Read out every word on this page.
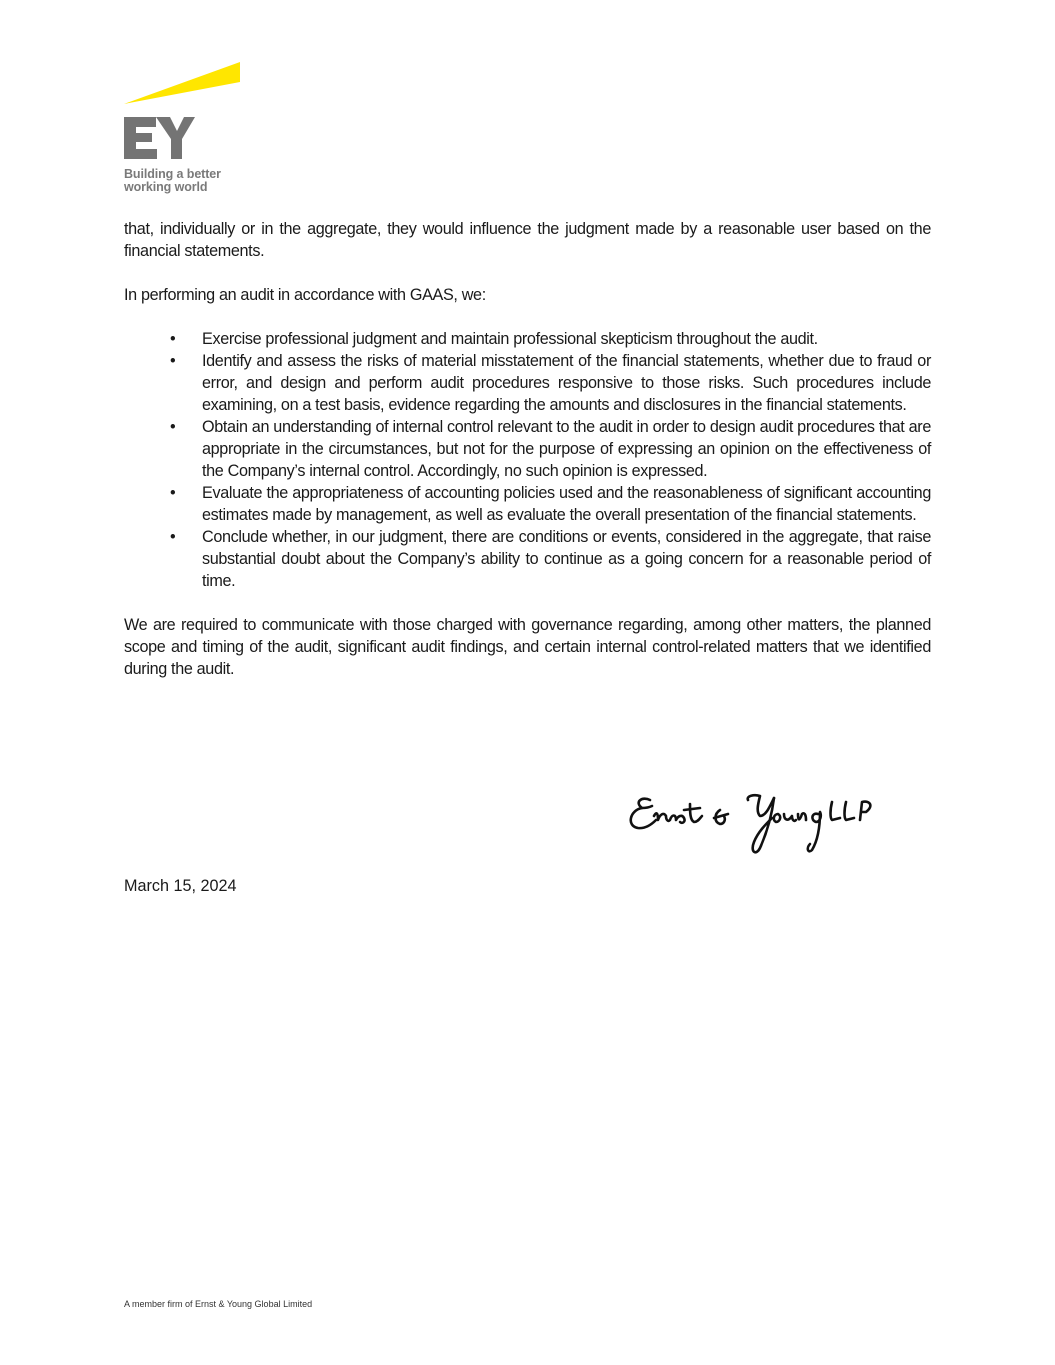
Building a better
working world

that, individually or in the aggregate, they would influence the judgment made by a reasonable user based on the financial statements.

In performing an audit in accordance with GAAS, we:

• Exercise professional judgment and maintain professional skepticism throughout the audit.
• Identify and assess the risks of material misstatement of the financial statements, whether due to fraud or error, and design and perform audit procedures responsive to those risks. Such procedures include examining, on a test basis, evidence regarding the amounts and disclosures in the financial statements.
• Obtain an understanding of internal control relevant to the audit in order to design audit procedures that are appropriate in the circumstances, but not for the purpose of expressing an opinion on the effectiveness of the Company’s internal control. Accordingly, no such opinion is expressed.
• Evaluate the appropriateness of accounting policies used and the reasonableness of significant accounting estimates made by management, as well as evaluate the overall presentation of the financial statements.
• Conclude whether, in our judgment, there are conditions or events, considered in the aggregate, that raise substantial doubt about the Company’s ability to continue as a going concern for a reasonable period of time.

We are required to communicate with those charged with governance regarding, among other matters, the planned scope and timing of the audit, significant audit findings, and certain internal control-related matters that we identified during the audit.

March 15, 2024
A member firm of Ernst & Young Global Limited
